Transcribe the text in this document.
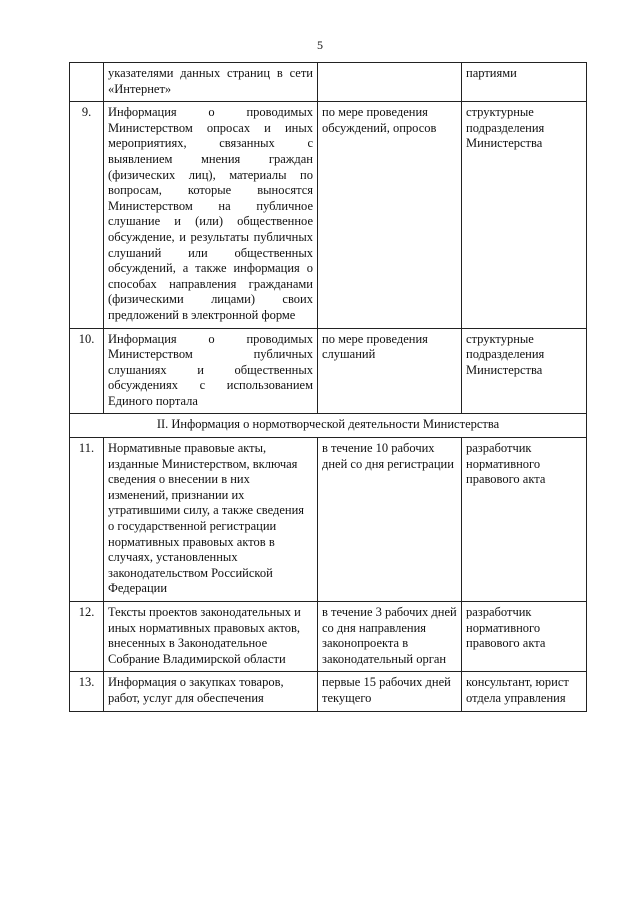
5
	указателями данных страниц в сети «Интернет»		партиями
9.	Информация о проводимых Министерством опросах и иных мероприятиях, связанных с выявлением мнения граждан (физических лиц), материалы по вопросам, которые выносятся Министерством на публичное слушание и (или) общественное обсуждение, и результаты публичных слушаний или общественных обсуждений, а также информация о способах направления гражданами (физическими лицами) своих предложений в электронной форме	по мере проведения обсуждений, опросов	структурные подразделения Министерства
10.	Информация о проводимых Министерством публичных слушаниях и общественных обсуждениях с использованием Единого портала	по мере проведения слушаний	структурные подразделения Министерства
II. Информация о нормотворческой деятельности Министерства			
11.	Нормативные правовые акты, изданные Министерством, включая сведения о внесении в них изменений, признании их утратившими силу, а также сведения о государственной регистрации нормативных правовых актов в случаях, установленных законодательством Российской Федерации	в течение 10 рабочих дней со дня регистрации	разработчик нормативного правового акта
12.	Тексты проектов законодательных и иных нормативных правовых актов, внесенных в Законодательное Собрание Владимирской области	в течение 3 рабочих дней со дня направления законопроекта в законодательный орган	разработчик нормативного правового акта
13.	Информация о закупках товаров, работ, услуг для обеспечения	первые 15 рабочих дней текущего	консультант, юрист отдела управления
